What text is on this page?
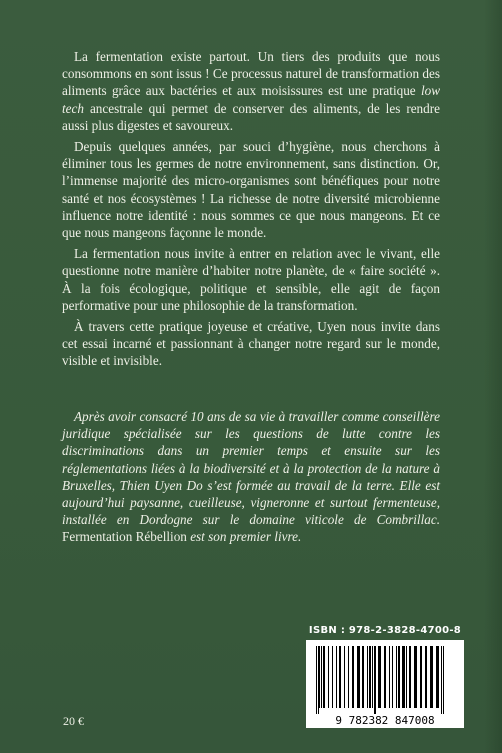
La fermentation existe partout. Un tiers des produits que nous consommons en sont issus ! Ce processus naturel de transformation des aliments grâce aux bactéries et aux moisissures est une pratique low tech ancestrale qui permet de conserver des aliments, de les rendre aussi plus digestes et savoureux.

Depuis quelques années, par souci d’hygiène, nous cherchons à éliminer tous les germes de notre environnement, sans distinction. Or, l’immense majorité des micro-organismes sont bénéfiques pour notre santé et nos écosystèmes ! La richesse de notre diversité microbienne influence notre identité : nous sommes ce que nous mangeons. Et ce que nous mangeons façonne le monde.

La fermentation nous invite à entrer en relation avec le vivant, elle questionne notre manière d’habiter notre planète, de « faire société ». À la fois écologique, politique et sensible, elle agit de façon performative pour une philosophie de la transformation.

À travers cette pratique joyeuse et créative, Uyen nous invite dans cet essai incarné et passionnant à changer notre regard sur le monde, visible et invisible.

Après avoir consacré 10 ans de sa vie à travailler comme conseillère juridique spécialisée sur les questions de lutte contre les discriminations dans un premier temps et ensuite sur les réglementations liées à la biodiversité et à la protection de la nature à Bruxelles, Thien Uyen Do s’est formée au travail de la terre. Elle est aujourd’hui paysanne, cueilleuse, vigneronne et surtout fermenteuse, installée en Dordogne sur le domaine viticole de Combrillac. Fermentation Rébellion est son premier livre.

ISBN : 978-2-3828-4700-8
9 782382 847008
20 €
